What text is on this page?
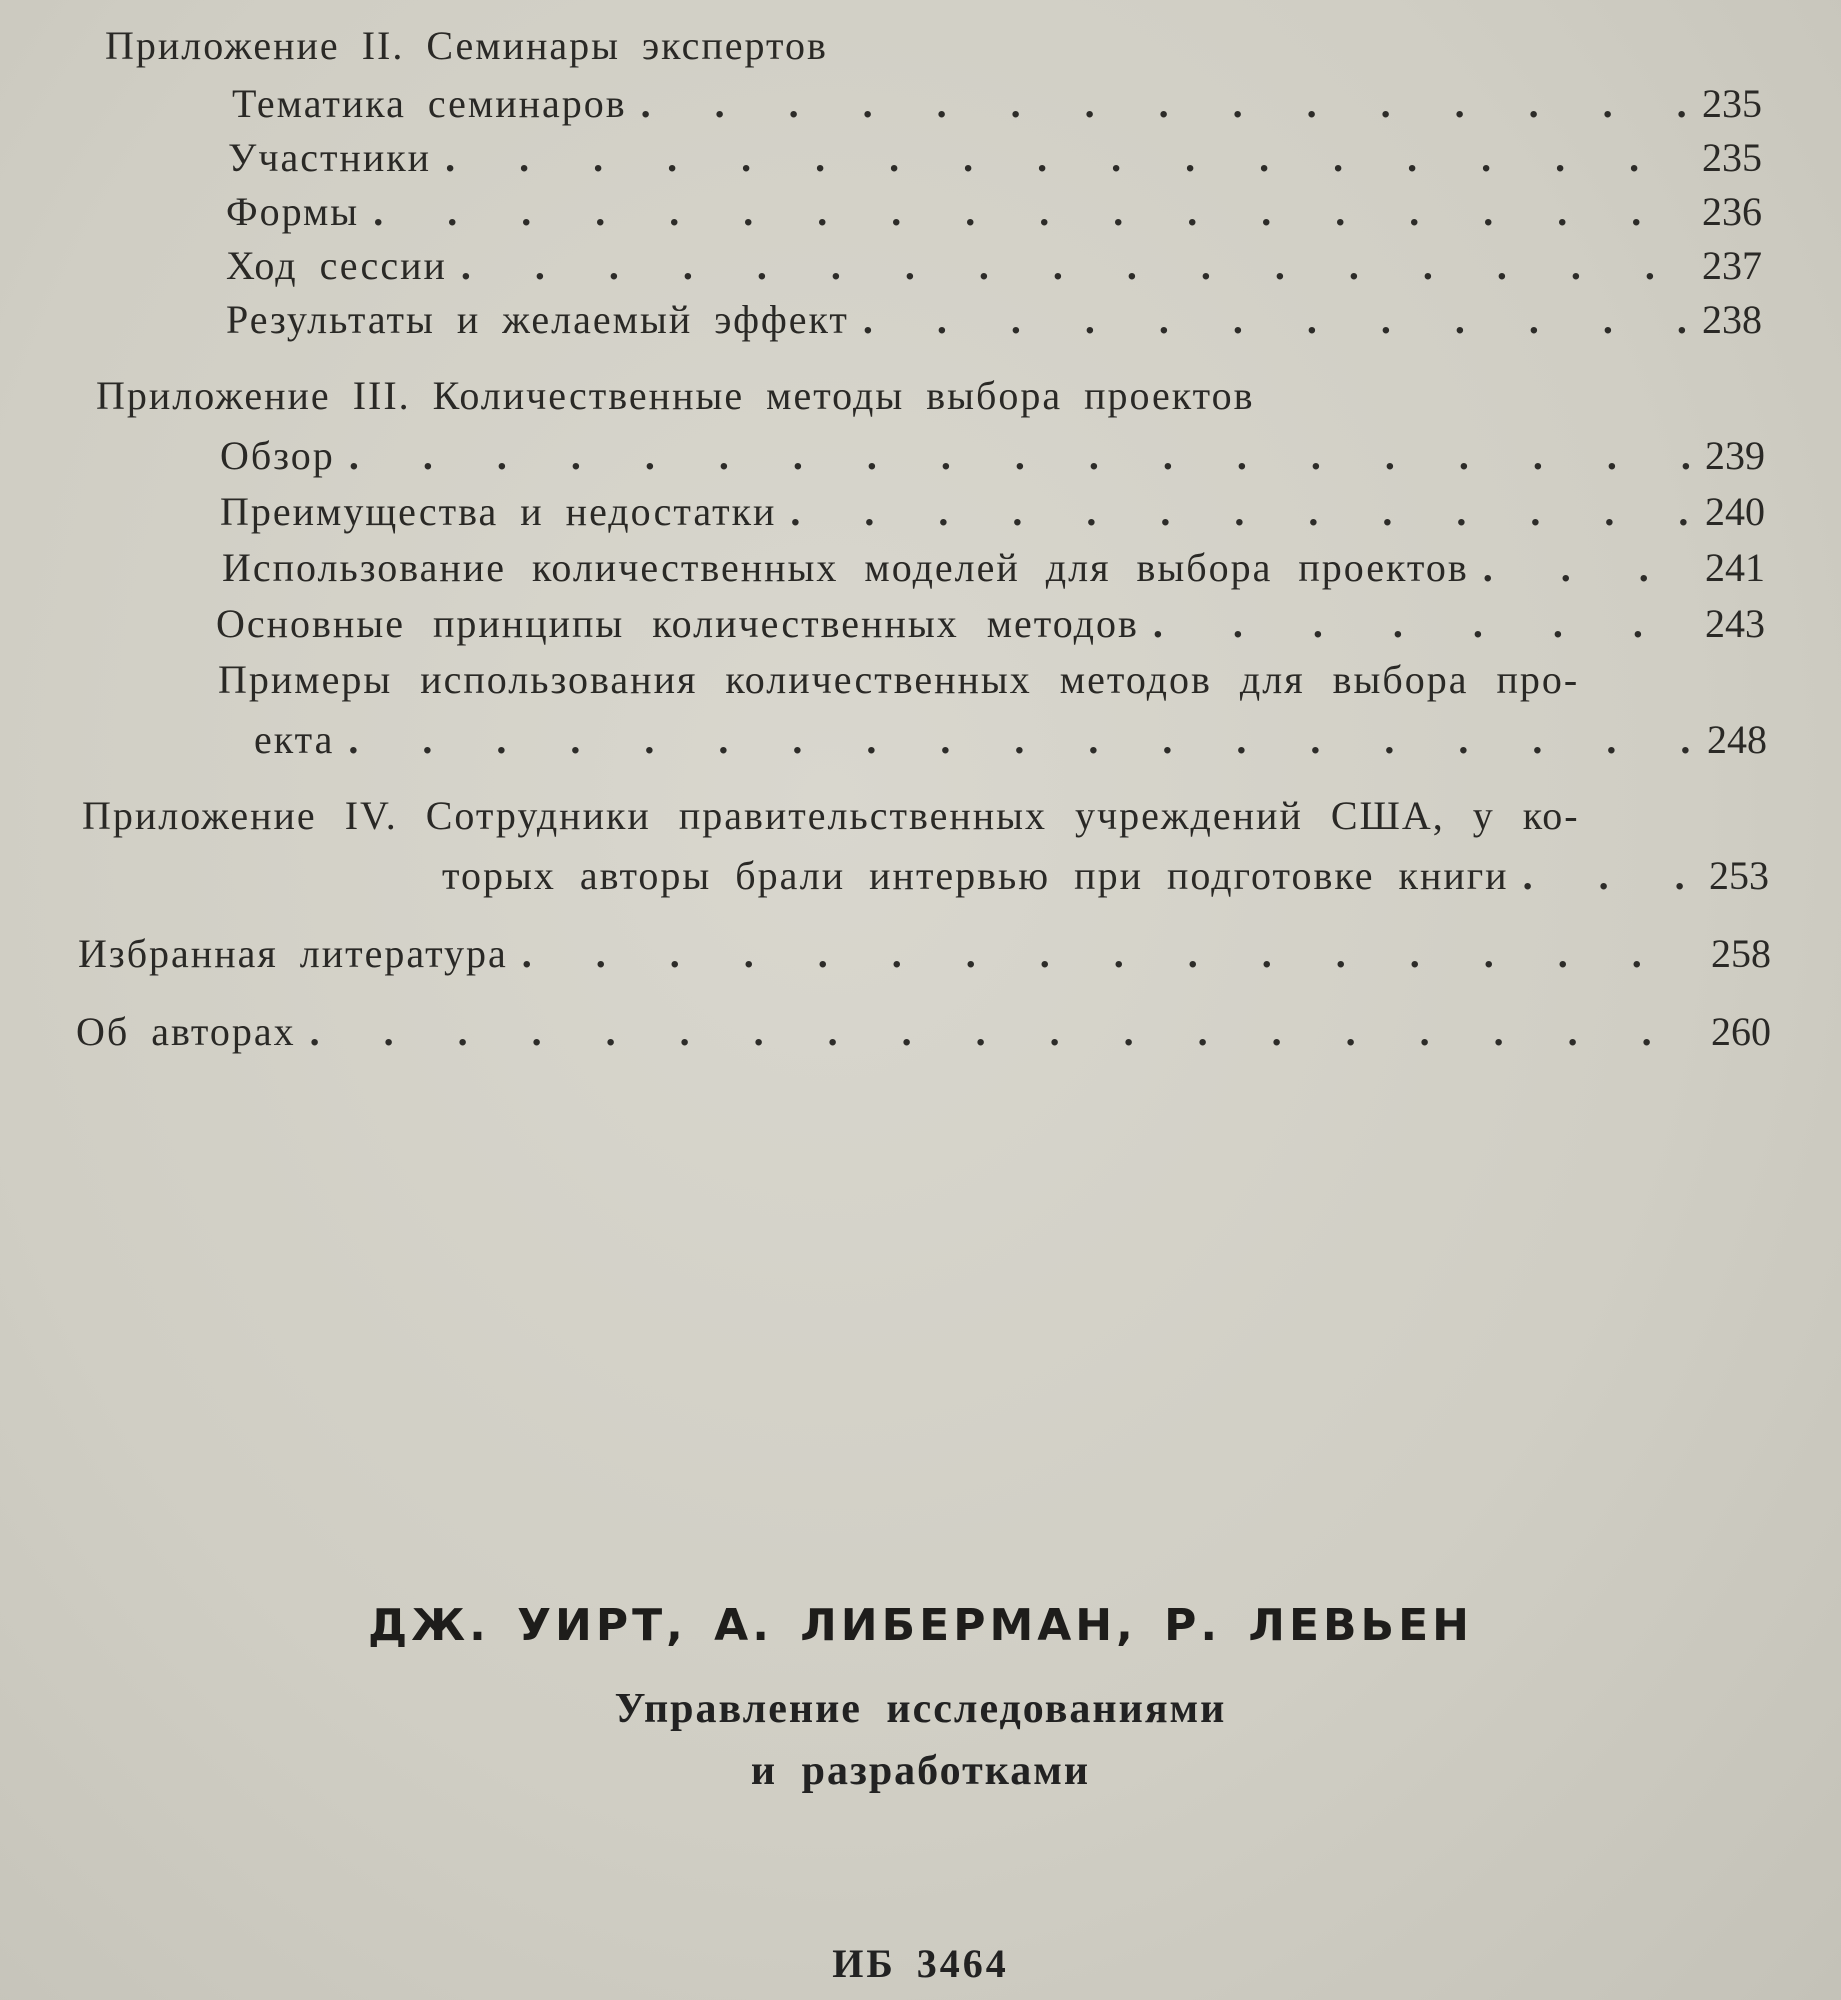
Приложение II. Семинары экспертов
Тематика семинаров . . .	235
Участники . . .	235
Формы . . .	236
Ход сессии . . .	237
Результаты и желаемый эффект . . .	238
Приложение III. Количественные методы выбора проектов
Обзор . . .	239
Преимущества и недостатки . . .	240
Использование количественных моделей для выбора проектов . . .	241
Основные принципы количественных методов . . .	243
Примеры использования количественных методов для выбора про-
екта . . .	248
Приложение IV. Сотрудники правительственных учреждений США, у ко-
торых авторы брали интервью при подготовке книги . . .	253
Избранная литература . . .	258
Об авторах . . .	260
ДЖ. УИРТ, А. ЛИБЕРМАН, Р. ЛЕВЬЕН
Управление исследованиями
и разработками
ИБ 3464
